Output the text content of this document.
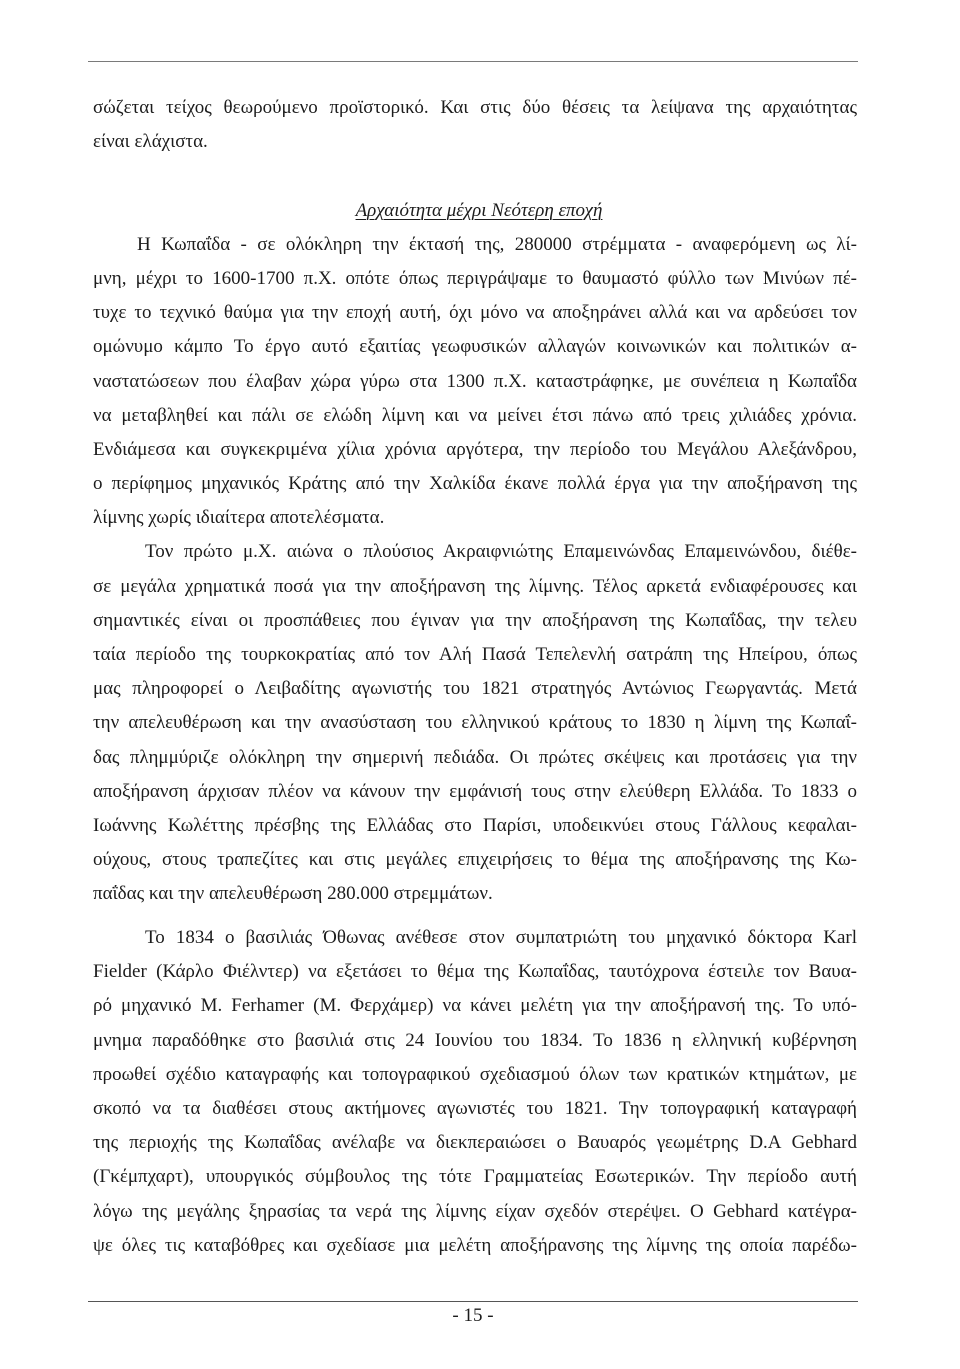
σώζεται τείχος θεωρούμενο προϊστορικό. Και στις δύο θέσεις τα λείψανα της αρχαιότητας
είναι ελάχιστα.
Αρχαιότητα μέχρι Νεότερη εποχή
Η Κωπαΐδα - σε ολόκληρη την έκτασή της, 280000 στρέμματα - αναφερόμενη ως λί-
μνη, μέχρι το 1600-1700 π.Χ. οπότε όπως περιγράψαμε το θαυμαστό φύλλο των Μινύων πέ-
τυχε το τεχνικό θαύμα για την εποχή αυτή, όχι μόνο να αποξηράνει αλλά και να αρδεύσει τον
ομώνυμο κάμπο Το έργο αυτό εξαιτίας γεωφυσικών αλλαγών κοινωνικών και πολιτικών α-
ναστατώσεων που έλαβαν χώρα γύρω στα 1300 π.Χ. καταστράφηκε, με συνέπεια η Κωπαΐδα
να μεταβληθεί και πάλι σε ελώδη λίμνη και να μείνει έτσι πάνω από τρεις χιλιάδες χρόνια.
Ενδιάμεσα και συγκεκριμένα χίλια χρόνια αργότερα, την περίοδο του Μεγάλου Αλεξάνδρου,
ο περίφημος μηχανικός Κράτης από την Χαλκίδα έκανε πολλά έργα για την αποξήρανση της
λίμνης χωρίς ιδιαίτερα αποτελέσματα.
Τον πρώτο μ.Χ. αιώνα ο πλούσιος Ακραιφνιώτης Επαμεινώνδας Επαμεινώνδου, διέθε-
σε μεγάλα χρηματικά ποσά για την αποξήρανση της λίμνης. Τέλος αρκετά ενδιαφέρουσες και
σημαντικές είναι οι προσπάθειες που έγιναν για την αποξήρανση της Κωπαΐδας, την τελευ
ταία περίοδο της τουρκοκρατίας από τον Αλή Πασά Τεπελενλή σατράπη της Ηπείρου, όπως
μας πληροφορεί ο Λειβαδίτης αγωνιστής του 1821 στρατηγός Αντώνιος Γεωργαντάς. Μετά
την απελευθέρωση και την ανασύσταση του ελληνικού κράτους το 1830 η λίμνη της Κωπαΐ-
δας πλημμύριζε ολόκληρη την σημερινή πεδιάδα. Οι πρώτες σκέψεις και προτάσεις για την
αποξήρανση άρχισαν πλέον να κάνουν την εμφάνισή τους στην ελεύθερη Ελλάδα. Το 1833 ο
Ιωάννης Κωλέττης πρέσβης της Ελλάδας στο Παρίσι, υποδεικνύει στους Γάλλους κεφαλαι-
ούχους, στους τραπεζίτες και στις μεγάλες επιχειρήσεις το θέμα της αποξήρανσης της Κω-
παΐδας και την απελευθέρωση 280.000 στρεμμάτων.
Το 1834 ο βασιλιάς Όθωνας ανέθεσε στον συμπατριώτη του μηχανικό δόκτορα Karl
Fielder (Κάρλο Φιέλντερ) να εξετάσει το θέμα της Κωπαΐδας, ταυτόχρονα έστειλε τον Βαυα-
ρό μηχανικό Μ. Ferhamer (Μ. Φερχάμερ) να κάνει μελέτη για την αποξήρανσή της. Το υπό-
μνημα παραδόθηκε στο βασιλιά στις 24 Ιουνίου του 1834. Το 1836 η ελληνική κυβέρνηση
προωθεί σχέδιο καταγραφής και τοπογραφικού σχεδιασμού όλων των κρατικών κτημάτων, με
σκοπό να τα διαθέσει στους ακτήμονες αγωνιστές του 1821. Την τοπογραφική καταγραφή
της περιοχής της Κωπαΐδας ανέλαβε να διεκπεραιώσει ο Βαυαρός γεωμέτρης D.A Gebhard
(Γκέμπχαρτ), υπουργικός σύμβουλος της τότε Γραμματείας Εσωτερικών. Την περίοδο αυτή
λόγω της μεγάλης ξηρασίας τα νερά της λίμνης είχαν σχεδόν στερέψει. Ο Gebhard κατέγρα-
ψε όλες τις καταβόθρες και σχεδίασε μια μελέτη αποξήρανσης της λίμνης της οποία παρέδω-
- 15 -
